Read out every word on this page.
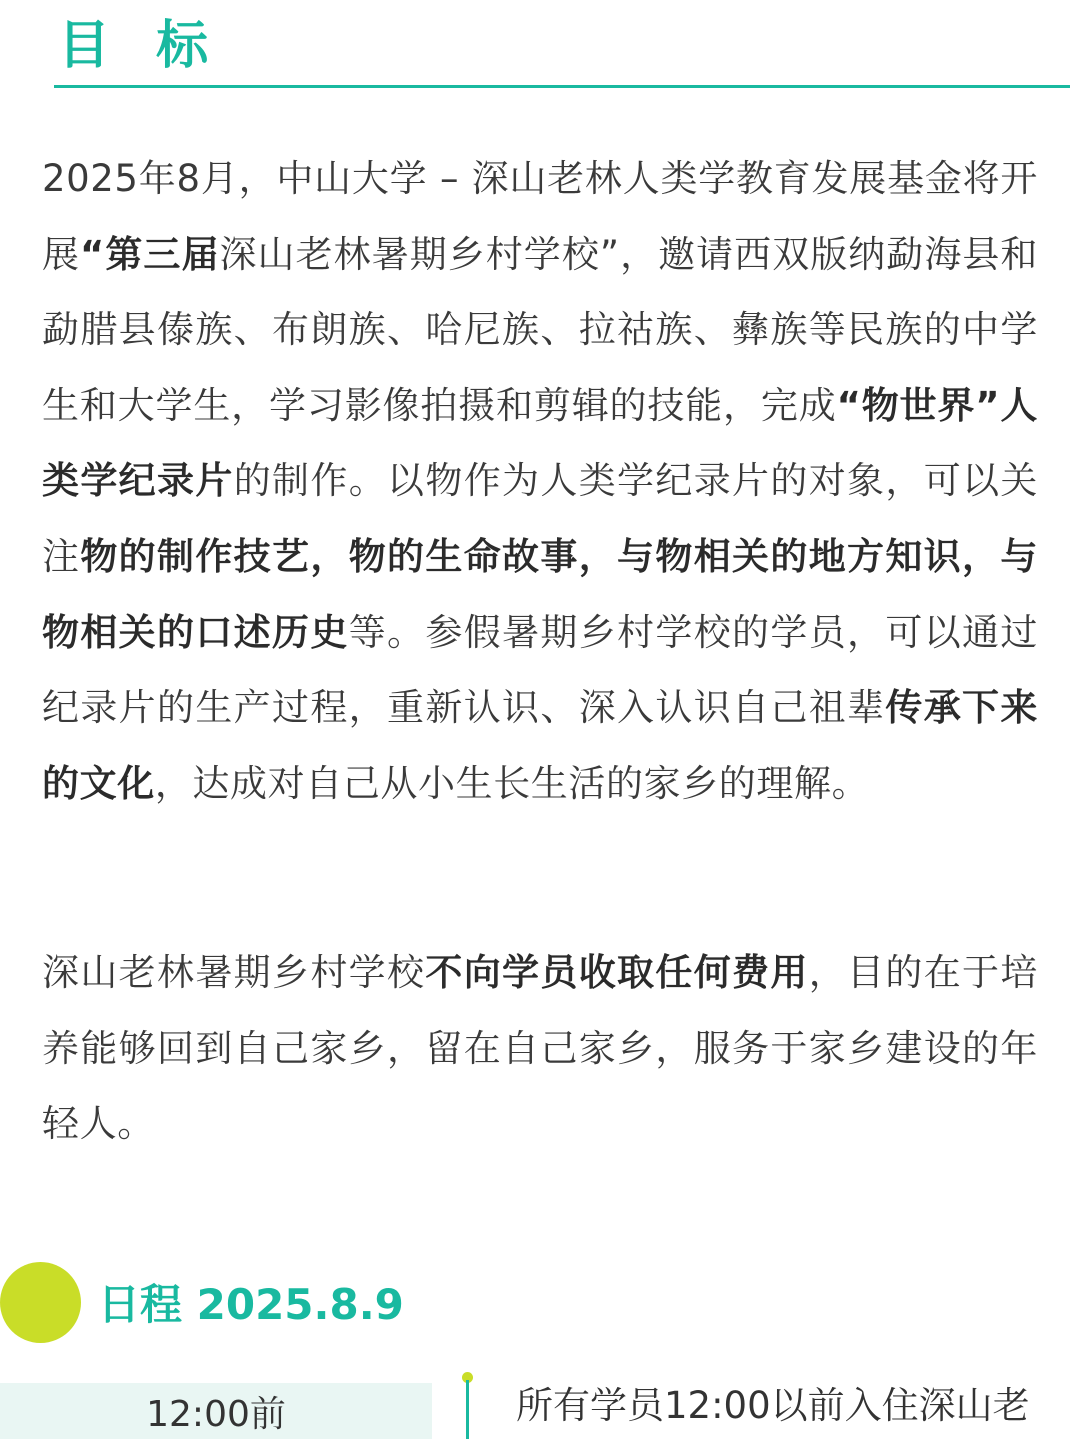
目 标

2025年8月，中山大学 – 深山老林人类学教育发展基金将开展“第三届深山老林暑期乡村学校”，邀请西双版纳勐海县和勐腊县傣族、布朗族、哈尼族、拉祜族、彝族等民族的中学生和大学生，学习影像拍摄和剪辑的技能，完成“物世界”人类学纪录片的制作。以物作为人类学纪录片的对象，可以关注物的制作技艺，物的生命故事，与物相关的地方知识，与物相关的口述历史等。参假暑期乡村学校的学员，可以通过纪录片的生产过程，重新认识、深入认识自己祖辈传承下来的文化，达成对自己从小生长生活的家乡的理解。

深山老林暑期乡村学校不向学员收取任何费用，目的在于培养能够回到自己家乡，留在自己家乡，服务于家乡建设的年轻人。

日程 2025.8.9
12:00前	所有学员12:00以前入住深山老
